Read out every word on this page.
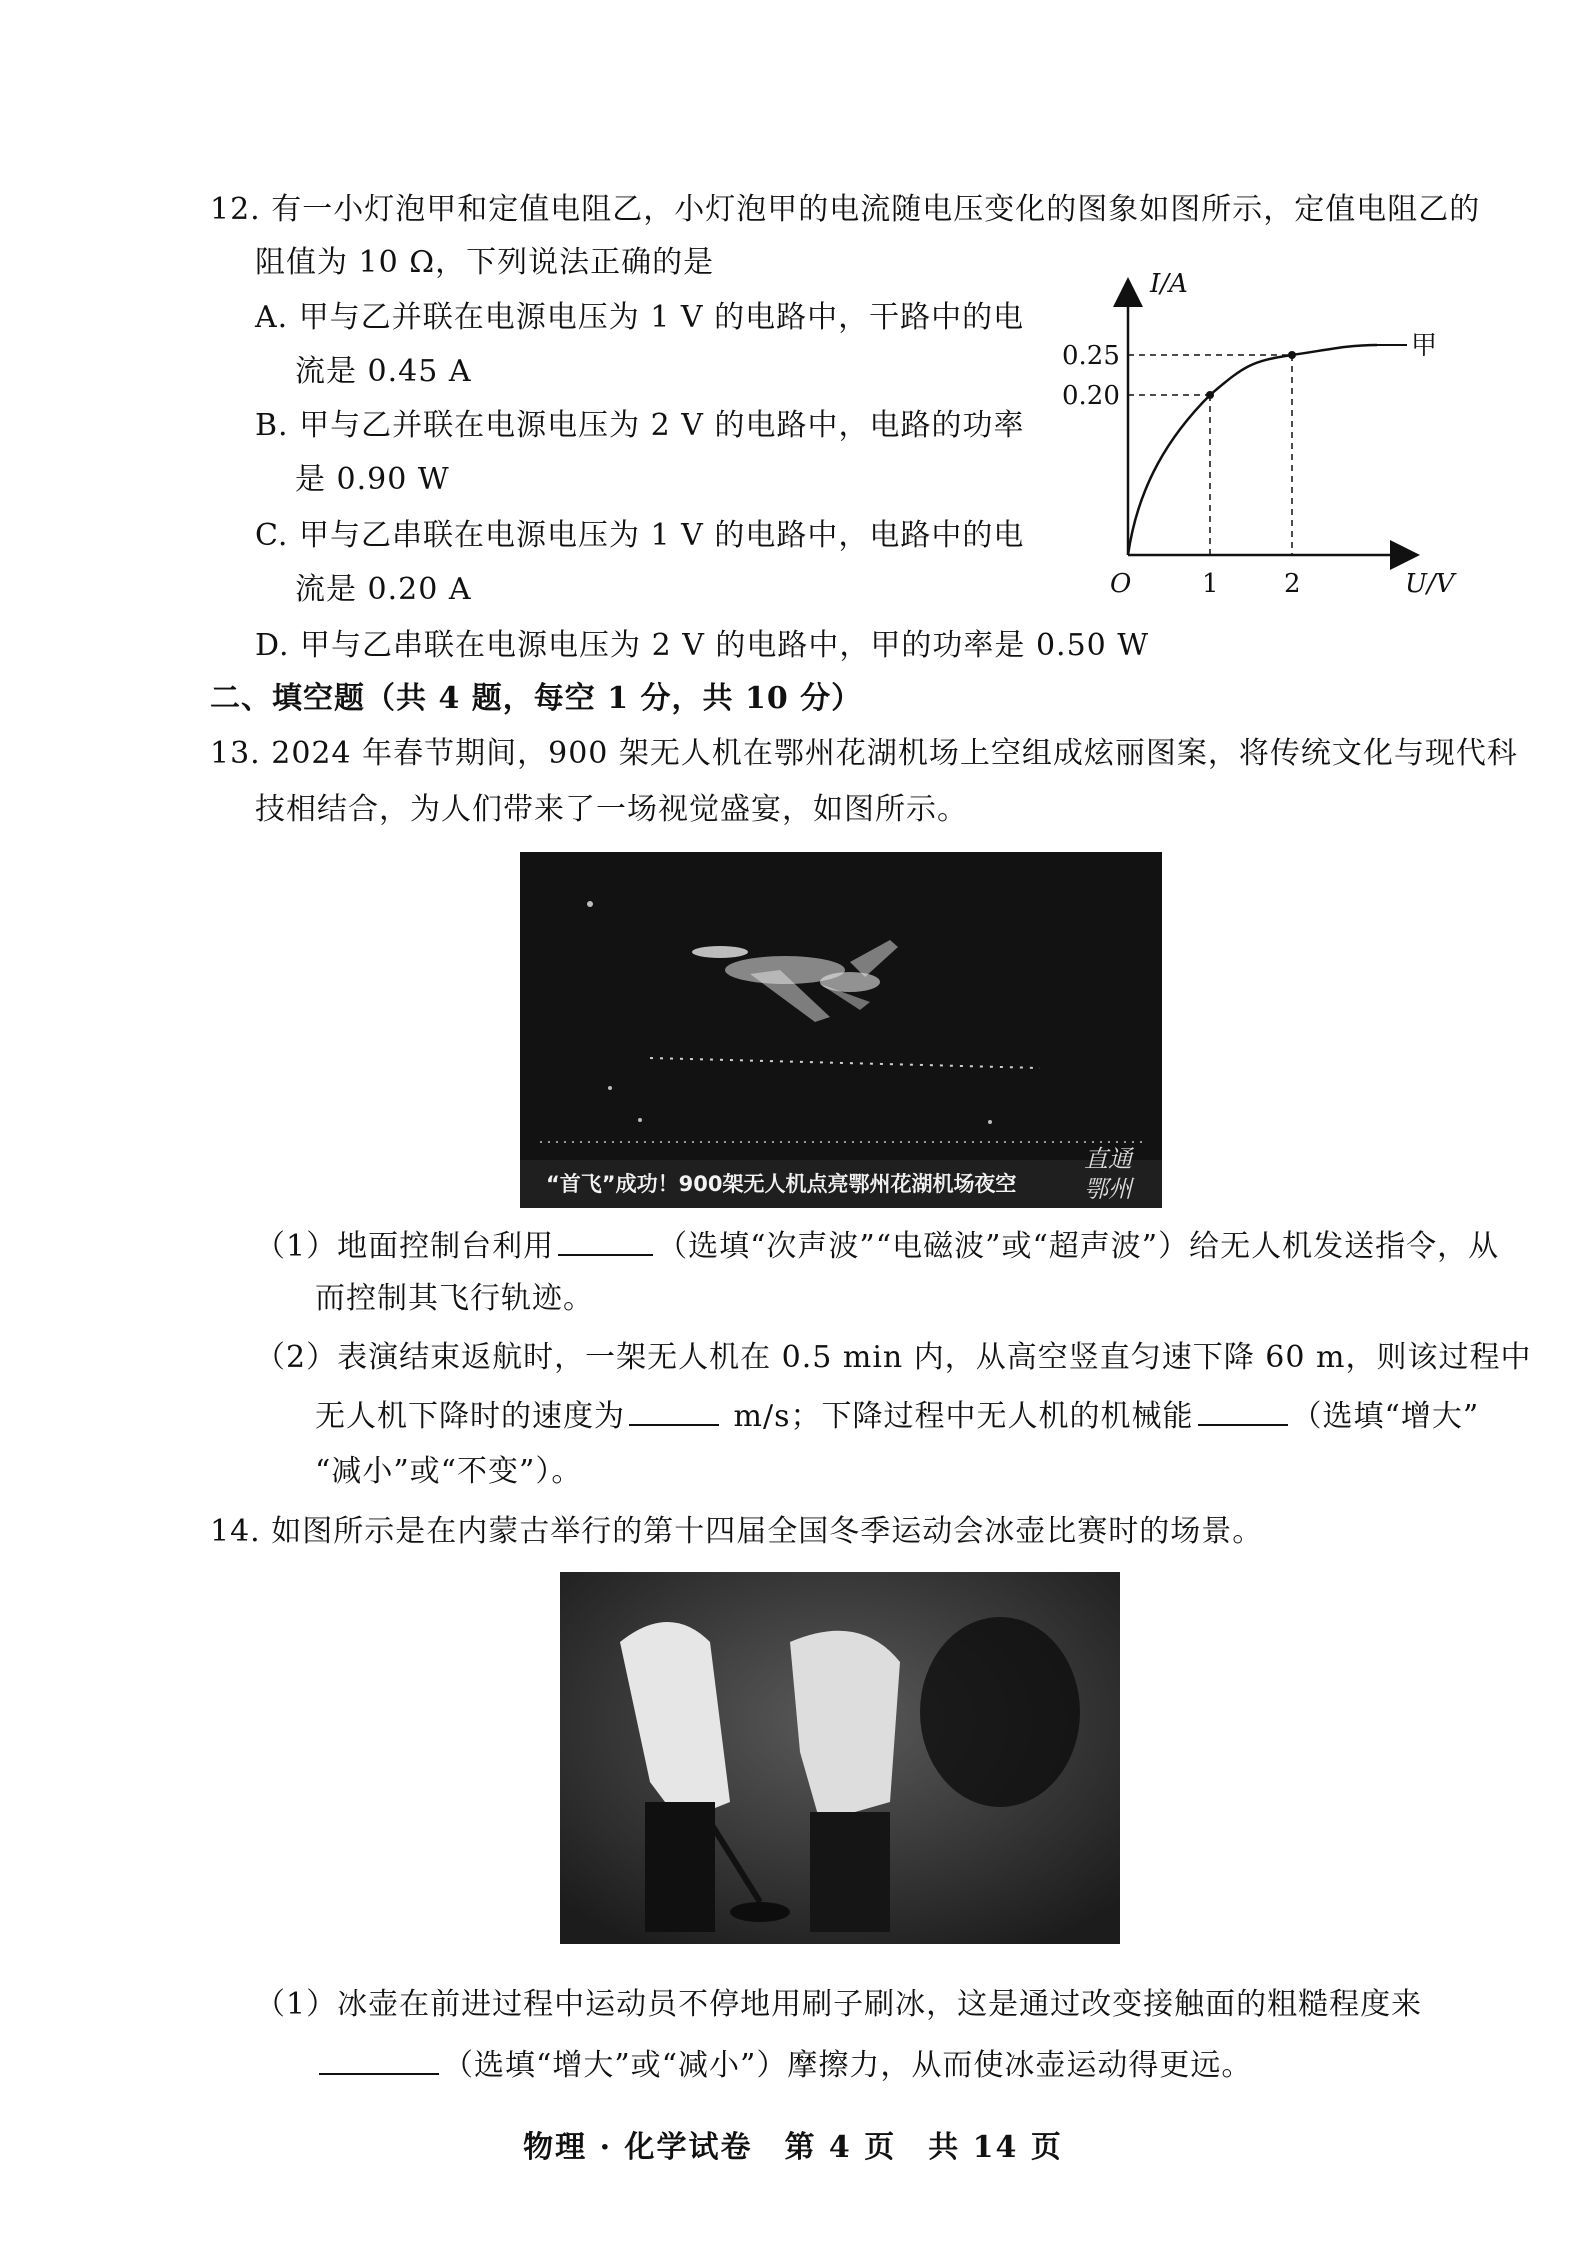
12. 有一小灯泡甲和定值电阻乙，小灯泡甲的电流随电压变化的图象如图所示，定值电阻乙的
阻值为 10 Ω，下列说法正确的是
A. 甲与乙并联在电源电压为 1 V 的电路中，干路中的电
流是 0.45 A
B. 甲与乙并联在电源电压为 2 V 的电路中，电路的功率
是 0.90 W
C. 甲与乙串联在电源电压为 1 V 的电路中，电路中的电
流是 0.20 A
D. 甲与乙串联在电源电压为 2 V 的电路中，甲的功率是 0.50 W
I/A
U/V
O	1	2
0.20
0.25	甲
二、填空题（共 4 题，每空 1 分，共 10 分）
13. 2024 年春节期间，900 架无人机在鄂州花湖机场上空组成炫丽图案，将传统文化与现代科
技相结合，为人们带来了一场视觉盛宴，如图所示。
“首飞”成功！900架无人机点亮鄂州花湖机场夜空
直通
鄂州
（1）地面控制台利用	（选填“次声波”“电磁波”或“超声波”）给无人机发送指令，从
而控制其飞行轨迹。
（2）表演结束返航时，一架无人机在 0.5 min 内，从高空竖直匀速下降 60 m，则该过程中
无人机下降时的速度为	m/s；下降过程中无人机的机械能	（选填“增大”
“减小”或“不变”）。
14. 如图所示是在内蒙古举行的第十四届全国冬季运动会冰壶比赛时的场景。
（1）冰壶在前进过程中运动员不停地用刷子刷冰，这是通过改变接触面的粗糙程度来
（选填“增大”或“减小”）摩擦力，从而使冰壶运动得更远。
物理 · 化学试卷　第 4 页　共 14 页
